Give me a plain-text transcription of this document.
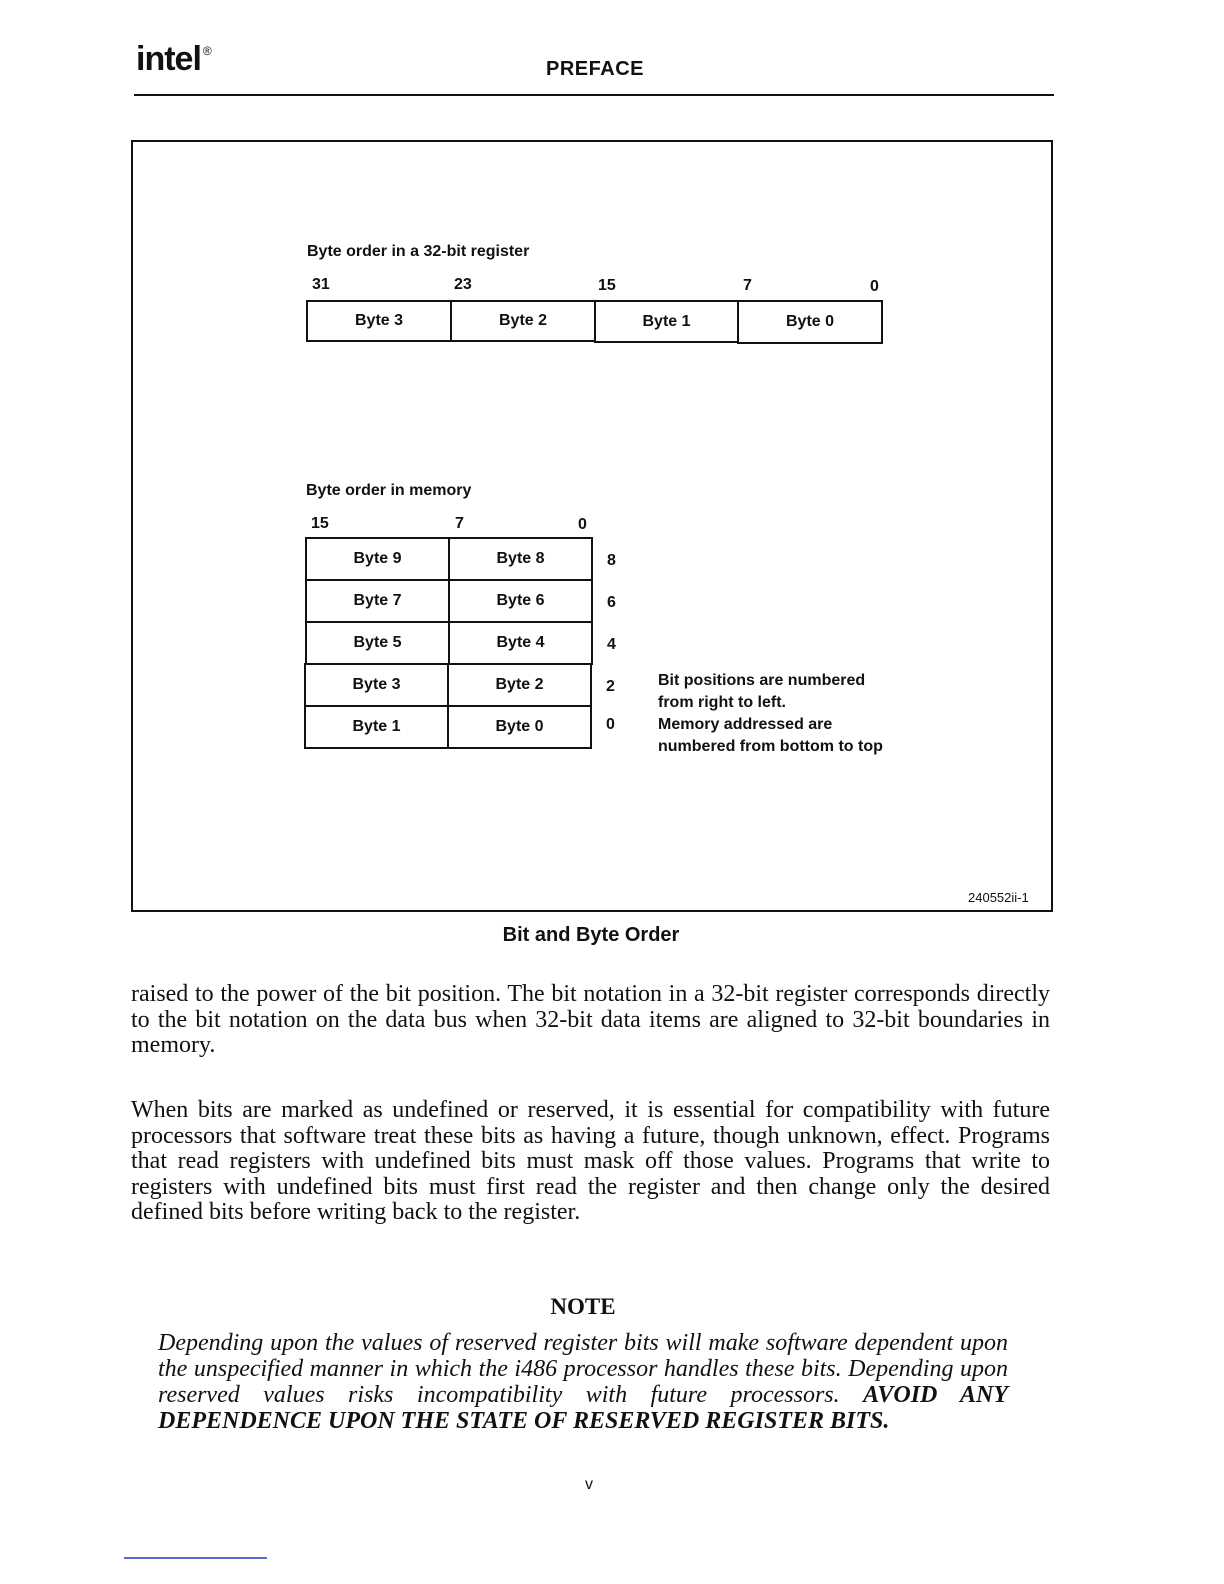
intel ®
PREFACE
Byte order in a 32-bit register
31	23	15	7	0
Byte 3	Byte 2	Byte 1	Byte 0
Byte order in memory
15	7	0
Byte 9	Byte 8	8
Byte 7	Byte 6	6
Byte 5	Byte 4	4
Byte 3	Byte 2	2
Byte 1	Byte 0	0
Bit positions are numbered
from right to left.
Memory addressed are
numbered from bottom to top
240552ii-1
Bit and Byte Order
raised to the power of the bit position. The bit notation in a 32-bit register corresponds directly to the bit notation on the data bus when 32-bit data items are aligned to 32-bit boundaries in memory.
When bits are marked as undefined or reserved, it is essential for compatibility with future processors that software treat these bits as having a future, though unknown, effect. Programs that read registers with undefined bits must mask off those values. Programs that write to registers with undefined bits must first read the register and then change only the desired defined bits before writing back to the register.
NOTE
Depending upon the values of reserved register bits will make software dependent upon the unspecified manner in which the i486 processor handles these bits. Depending upon reserved values risks incompatibility with future processors. AVOID ANY DEPENDENCE UPON THE STATE OF RESERVED REGISTER BITS.
v
